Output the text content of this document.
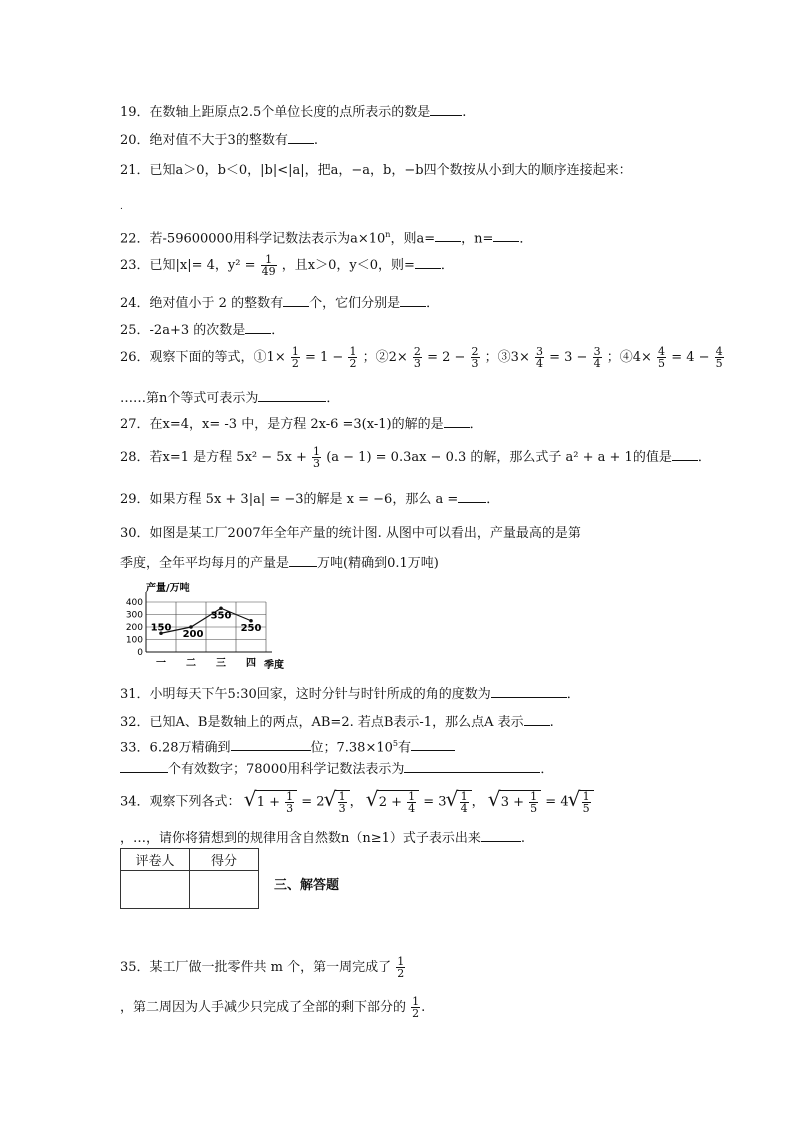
19．在数轴上距原点2.5个单位长度的点所表示的数是 .
20．绝对值不大于3的整数有 .
21．已知a＞0，b＜0，|b|<|a|，把a，−a，b，−b四个数按从小到大的顺序连接起来：
.
22．若-59600000用科学记数法表示为$a\times 10^n$，则a= ，n= ．
23．已知|x|= 4，$y^2 = \frac{1}{49}$ ，且x＞0，y＜0，则= ．
24．绝对值小于 2 的整数有 个，它们分别是 ．
25．-2a+3 的次数是 ．
26．观察下面的等式，①1× $\frac{1}{2} = 1 - \frac{1}{2}$ ；②2× $\frac{2}{3} = 2 - \frac{2}{3}$ ；③3× $\frac{3}{4} = 3 - \frac{3}{4}$ ；④4× $\frac{4}{5} = 4 - \frac{4}{5}$
……第n个等式可表示为	．
27．在x=4，x= -3 中，是方程 2x-6 =3(x-1)的解的是 ．
28．若x=1 是方程 $5x^2 - 5x + \frac{1}{3} (a - 1) = 0.3ax - 0.3$ 的解，那么式子 a² + a + 1的值是 ．
29．如果方程 5x + 3|a| = −3的解是 x = −6，那么 a = ．
30．如图是某工厂2007年全年产量的统计图. 从图中可以看出，产量最高的是第
季度，全年平均每月的产量是 万吨(精确到0.1万吨)
0
100
200
300
400
一 二 三 四
150
200
350
250
产量/万吨
季度
31．小明每天下午5:30回家，这时分针与时针所成的角的度数为	．
32．已知A、B是数轴上的两点，AB=2. 若点B表示-1，那么点A 表示 .
33．6.28万精确到	位；$7.38\times 10^5$有
个有效数字；78000用科学记数法表示为	．
34．观察下列各式： √ $1 + \frac{1}{3} = 2$ √ $\frac{1}{3}$ ， √ $2 + \frac{1}{4} = 3$ √ $\frac{1}{4}$ ， √ $3 + \frac{1}{5} = 4$ √ $\frac{1}{5}$
，…，请你将猜想到的规律用含自然数n（n≥1）式子表示出来	.
评卷人	得分

三、解答题
35．某工厂做一批零件共 m 个，第一周完成了 $\frac{1}{2}$
，第二周因为人手减少只完成了全部的剩下部分的 $\frac{1}{2}$ .
